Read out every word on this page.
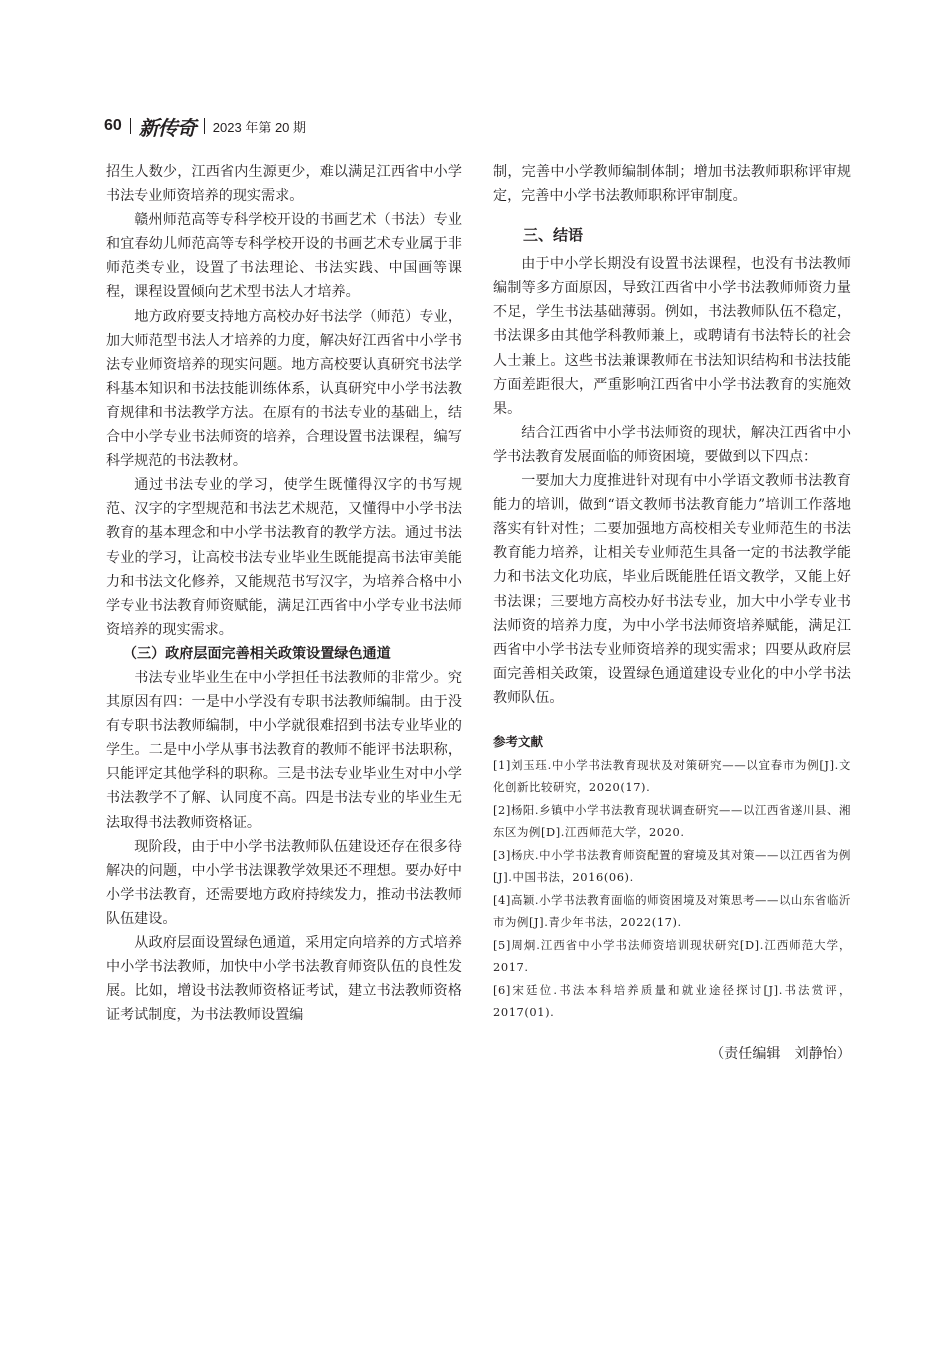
60 新传奇 2023 年第 20 期

招生人数少，江西省内生源更少，难以满足江西省中小学书法专业师资培养的现实需求。

赣州师范高等专科学校开设的书画艺术（书法）专业和宜春幼儿师范高等专科学校开设的书画艺术专业属于非师范类专业，设置了书法理论、书法实践、中国画等课程，课程设置倾向艺术型书法人才培养。

地方政府要支持地方高校办好书法学（师范）专业，加大师范型书法人才培养的力度，解决好江西省中小学书法专业师资培养的现实问题。地方高校要认真研究书法学科基本知识和书法技能训练体系，认真研究中小学书法教育规律和书法教学方法。在原有的书法专业的基础上，结合中小学专业书法师资的培养，合理设置书法课程，编写科学规范的书法教材。

通过书法专业的学习，使学生既懂得汉字的书写规范、汉字的字型规范和书法艺术规范，又懂得中小学书法教育的基本理念和中小学书法教育的教学方法。通过书法专业的学习，让高校书法专业毕业生既能提高书法审美能力和书法文化修养，又能规范书写汉字，为培养合格中小学专业书法教育师资赋能，满足江西省中小学专业书法师资培养的现实需求。

（三）政府层面完善相关政策设置绿色通道

书法专业毕业生在中小学担任书法教师的非常少。究其原因有四：一是中小学没有专职书法教师编制。由于没有专职书法教师编制，中小学就很难招到书法专业毕业的学生。二是中小学从事书法教育的教师不能评书法职称，只能评定其他学科的职称。三是书法专业毕业生对中小学书法教学不了解、认同度不高。四是书法专业的毕业生无法取得书法教师资格证。

现阶段，由于中小学书法教师队伍建设还存在很多待解决的问题，中小学书法课教学效果还不理想。要办好中小学书法教育，还需要地方政府持续发力，推动书法教师队伍建设。

从政府层面设置绿色通道，采用定向培养的方式培养中小学书法教师，加快中小学书法教育师资队伍的良性发展。比如，增设书法教师资格证考试，建立书法教师资格证考试制度，为书法教师设置编

制，完善中小学教师编制体制；增加书法教师职称评审规定，完善中小学书法教师职称评审制度。

三、结语

由于中小学长期没有设置书法课程，也没有书法教师编制等多方面原因，导致江西省中小学书法教师师资力量不足，学生书法基础薄弱。例如，书法教师队伍不稳定，书法课多由其他学科教师兼上，或聘请有书法特长的社会人士兼上。这些书法兼课教师在书法知识结构和书法技能方面差距很大，严重影响江西省中小学书法教育的实施效果。

结合江西省中小学书法师资的现状，解决江西省中小学书法教育发展面临的师资困境，要做到以下四点：

一要加大力度推进针对现有中小学语文教师书法教育能力的培训，做到“语文教师书法教育能力”培训工作落地落实有针对性；二要加强地方高校相关专业师范生的书法教育能力培养，让相关专业师范生具备一定的书法教学能力和书法文化功底，毕业后既能胜任语文教学，又能上好书法课；三要地方高校办好书法专业，加大中小学专业书法师资的培养力度，为中小学书法师资培养赋能，满足江西省中小学书法专业师资培养的现实需求；四要从政府层面完善相关政策，设置绿色通道建设专业化的中小学书法教师队伍。

参考文献
[1]刘玉珏.中小学书法教育现状及对策研究——以宜春市为例[J].文化创新比较研究，2020(17).
[2]杨阳.乡镇中小学书法教育现状调查研究——以江西省遂川县、湘东区为例[D].江西师范大学，2020.
[3]杨庆.中小学书法教育师资配置的窘境及其对策——以江西省为例[J].中国书法，2016(06).
[4]高颖.小学书法教育面临的师资困境及对策思考——以山东省临沂市为例[J].青少年书法，2022(17).
[5]周炯.江西省中小学书法师资培训现状研究[D].江西师范大学，2017.
[6]宋廷位.书法本科培养质量和就业途径探讨[J].书法赏评，2017(01).
（责任编辑　刘静怡）
